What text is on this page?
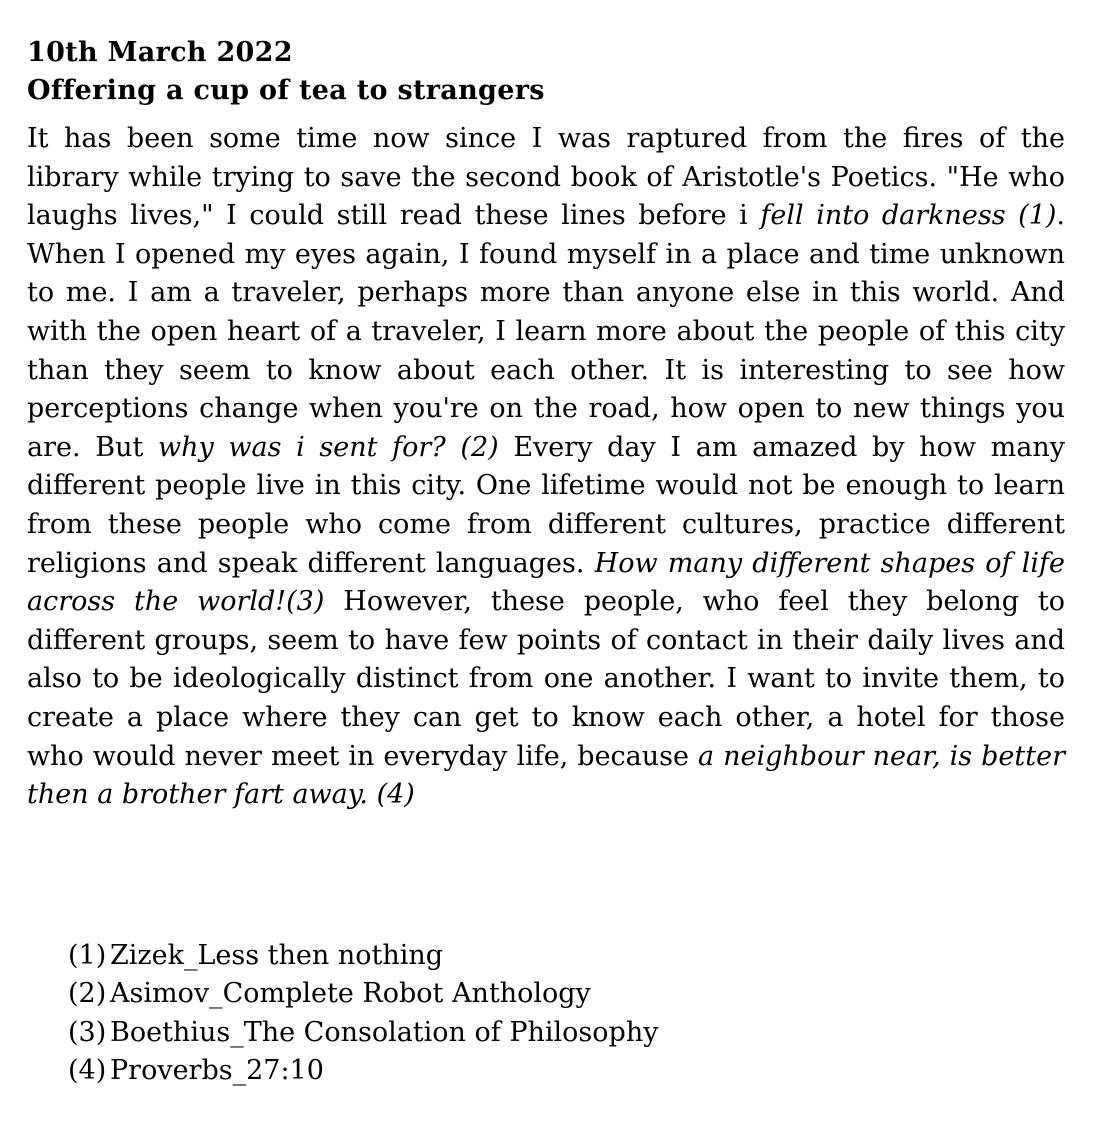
10th March 2022
Offering a cup of tea to strangers

It has been some time now since I was raptured from the fires of the library while trying to save the second book of Aristotle's Poetics. "He who laughs lives," I could still read these lines before i fell into darkness (1). When I opened my eyes again, I found myself in a place and time unknown to me. I am a traveler, perhaps more than anyone else in this world. And with the open heart of a traveler, I learn more about the people of this city than they seem to know about each other. It is interesting to see how perceptions change when you're on the road, how open to new things you are. But why was i sent for? (2) Every day I am amazed by how many different people live in this city. One lifetime would not be enough to learn from these people who come from different cultures, practice different religions and speak different languages. How many different shapes of life across the world!(3) However, these people, who feel they belong to different groups, seem to have few points of contact in their daily lives and also to be ideologically distinct from one another. I want to invite them, to create a place where they can get to know each other, a hotel for those who would never meet in everyday life, because a neighbour near, is better then a brother fart away. (4)

(1) Zizek_Less then nothing
(2) Asimov_Complete Robot Anthology
(3) Boethius_The Consolation of Philosophy
(4) Proverbs_27:10
